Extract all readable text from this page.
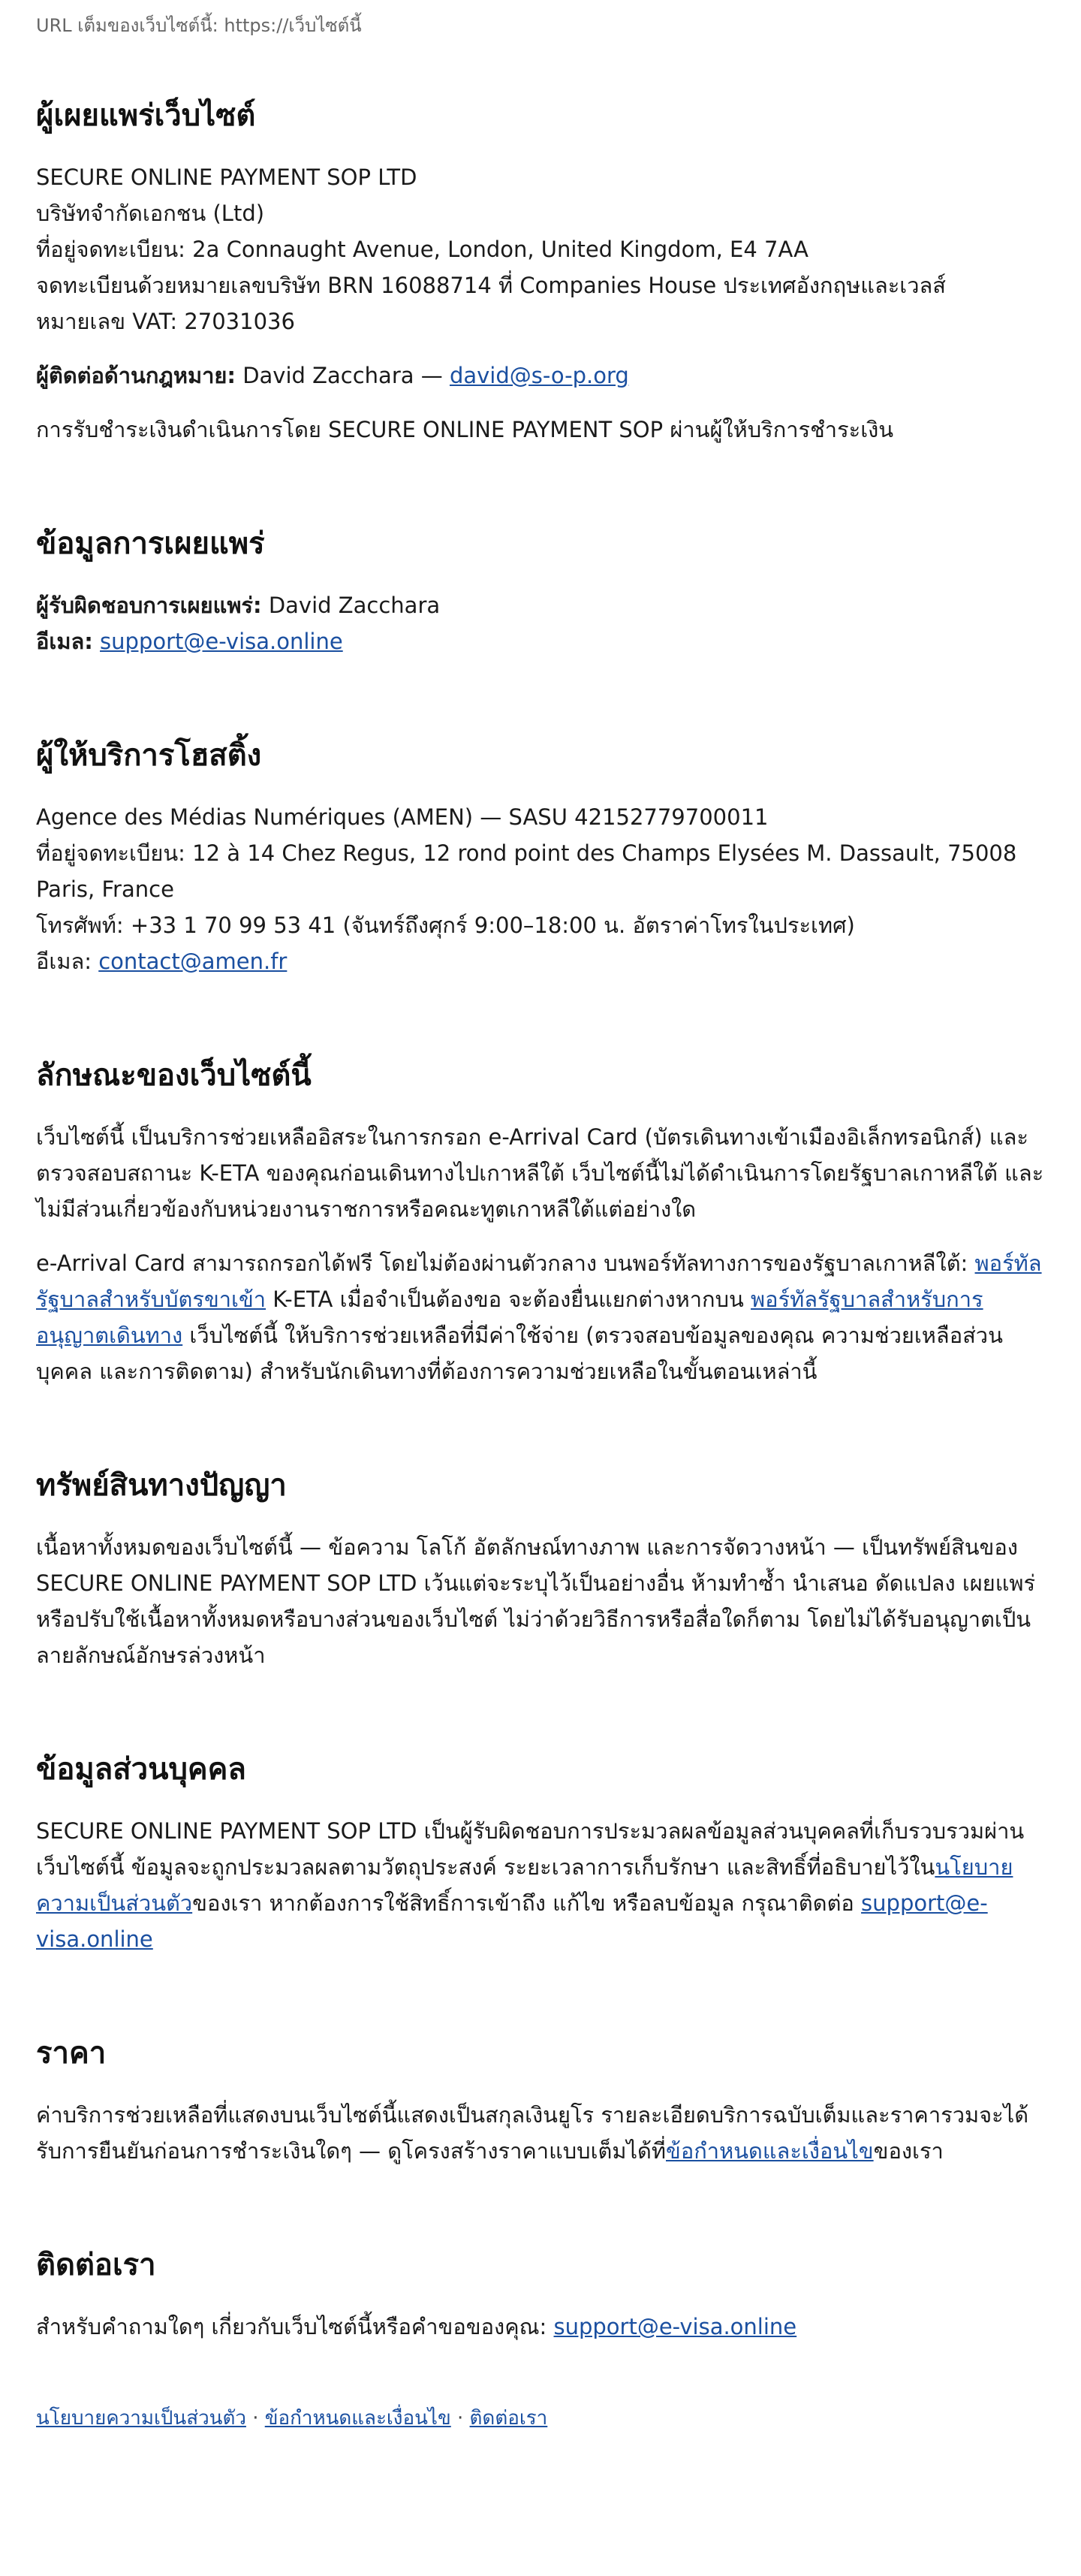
URL เต็มของเว็บไซต์นี้: https://เว็บไซต์นี้
ผู้เผยแพร่เว็บไซต์

SECURE ONLINE PAYMENT SOP LTD

บริษัทจำกัดเอกชน (Ltd)

ที่อยู่จดทะเบียน: 2a Connaught Avenue, London, United Kingdom, E4 7AA

จดทะเบียนด้วยหมายเลขบริษัท BRN 16088714 ที่ Companies House ประเทศอังกฤษและเวลส์

หมายเลข VAT: 27031036

ผู้ติดต่อด้านกฎหมาย: David Zacchara — david@s-o-p.org

การรับชำระเงินดำเนินการโดย SECURE ONLINE PAYMENT SOP ผ่านผู้ให้บริการชำระเงิน

ข้อมูลการเผยแพร่

ผู้รับผิดชอบการเผยแพร่: David Zacchara

อีเมล: support@e-visa.online

ผู้ให้บริการโฮสติ้ง

Agence des Médias Numériques (AMEN) — SASU 42152779700011

ที่อยู่จดทะเบียน: 12 à 14 Chez Regus, 12 rond point des Champs Elysées M. Dassault, 75008 Paris, France

โทรศัพท์: +33 1 70 99 53 41 (จันทร์ถึงศุกร์ 9:00–18:00 น. อัตราค่าโทรในประเทศ)

อีเมล: contact@amen.fr

ลักษณะของเว็บไซต์นี้

เว็บไซต์นี้ เป็นบริการช่วยเหลืออิสระในการกรอก e-Arrival Card (บัตรเดินทางเข้าเมืองอิเล็กทรอนิกส์) และตรวจสอบสถานะ K-ETA ของคุณก่อนเดินทางไปเกาหลีใต้ เว็บไซต์นี้ไม่ได้ดำเนินการโดยรัฐบาลเกาหลีใต้ และไม่มีส่วนเกี่ยวข้องกับหน่วยงานราชการหรือคณะทูตเกาหลีใต้แต่อย่างใด

e-Arrival Card สามารถกรอกได้ฟรี โดยไม่ต้องผ่านตัวกลาง บนพอร์ทัลทางการของรัฐบาลเกาหลีใต้: พอร์ทัลรัฐบาลสำหรับบัตรขาเข้า K-ETA เมื่อจำเป็นต้องขอ จะต้องยื่นแยกต่างหากบน พอร์ทัลรัฐบาลสำหรับการอนุญาตเดินทาง เว็บไซต์นี้ ให้บริการช่วยเหลือที่มีค่าใช้จ่าย (ตรวจสอบข้อมูลของคุณ ความช่วยเหลือส่วนบุคคล และการติดตาม) สำหรับนักเดินทางที่ต้องการความช่วยเหลือในขั้นตอนเหล่านี้

ทรัพย์สินทางปัญญา

เนื้อหาทั้งหมดของเว็บไซต์นี้ — ข้อความ โลโก้ อัตลักษณ์ทางภาพ และการจัดวางหน้า — เป็นทรัพย์สินของ SECURE ONLINE PAYMENT SOP LTD เว้นแต่จะระบุไว้เป็นอย่างอื่น ห้ามทำซ้ำ นำเสนอ ดัดแปลง เผยแพร่ หรือปรับใช้เนื้อหาทั้งหมดหรือบางส่วนของเว็บไซต์ ไม่ว่าด้วยวิธีการหรือสื่อใดก็ตาม โดยไม่ได้รับอนุญาตเป็นลายลักษณ์อักษรล่วงหน้า

ข้อมูลส่วนบุคคล

SECURE ONLINE PAYMENT SOP LTD เป็นผู้รับผิดชอบการประมวลผลข้อมูลส่วนบุคคลที่เก็บรวบรวมผ่านเว็บไซต์นี้ ข้อมูลจะถูกประมวลผลตามวัตถุประสงค์ ระยะเวลาการเก็บรักษา และสิทธิ์ที่อธิบายไว้ในนโยบายความเป็นส่วนตัวของเรา หากต้องการใช้สิทธิ์การเข้าถึง แก้ไข หรือลบข้อมูล กรุณาติดต่อ support@e-visa.online

ราคา

ค่าบริการช่วยเหลือที่แสดงบนเว็บไซต์นี้แสดงเป็นสกุลเงินยูโร รายละเอียดบริการฉบับเต็มและราคารวมจะได้รับการยืนยันก่อนการชำระเงินใดๆ — ดูโครงสร้างราคาแบบเต็มได้ที่ข้อกำหนดและเงื่อนไขของเรา

ติดต่อเรา

สำหรับคำถามใดๆ เกี่ยวกับเว็บไซต์นี้หรือคำขอของคุณ: support@e-visa.online

นโยบายความเป็นส่วนตัว · ข้อกำหนดและเงื่อนไข · ติดต่อเรา
